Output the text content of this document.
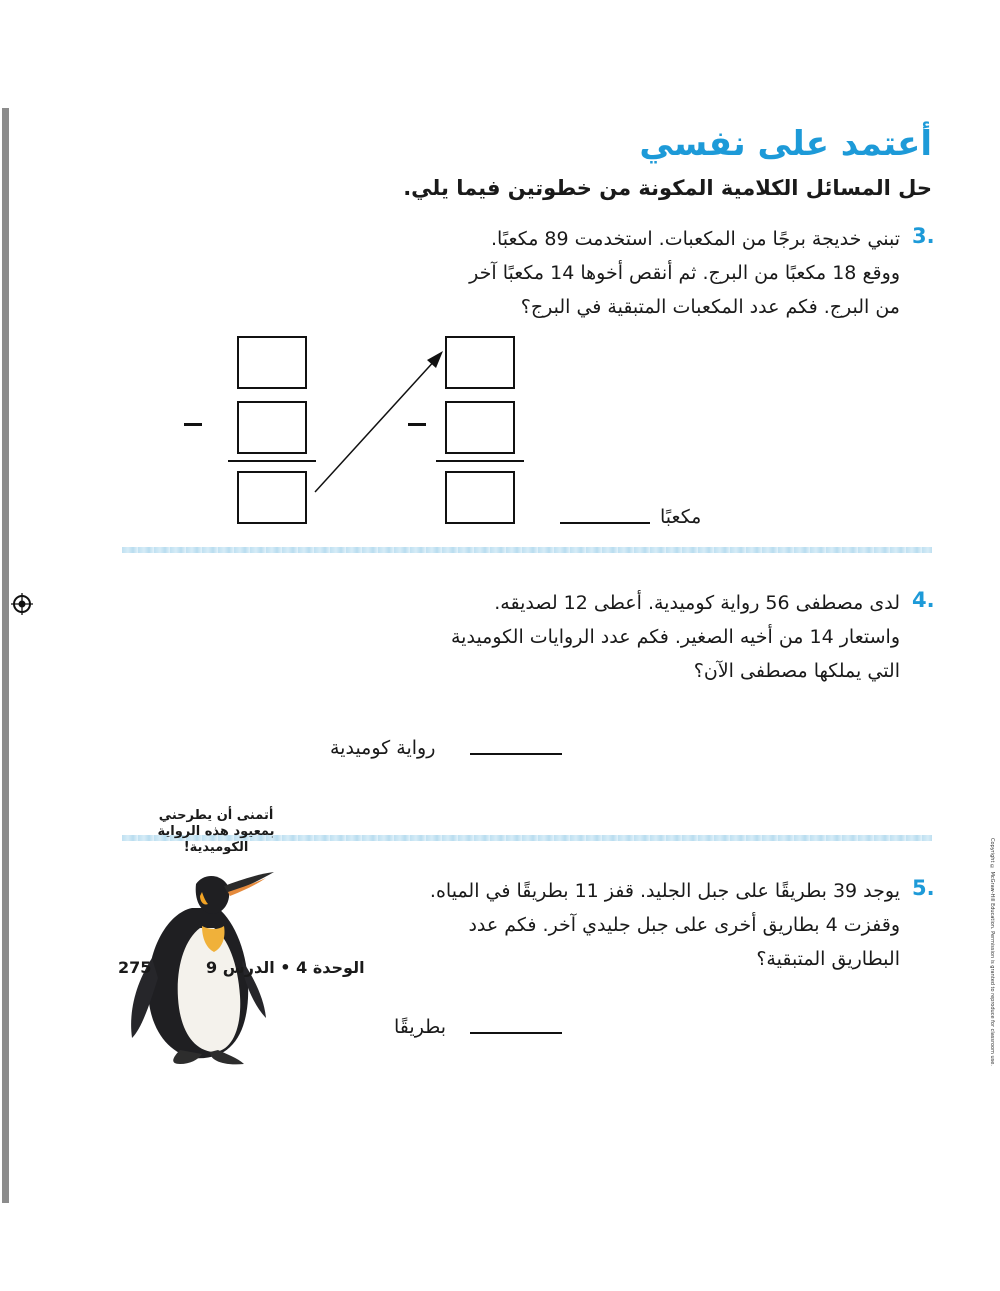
أعتمد على نفسي
حل المسائل الكلامية المكونة من خطوتين فيما يلي.
3.
تبني خديجة برجًا من المكعبات. استخدمت 89 مكعبًا.
ووقع 18 مكعبًا من البرج. ثم أنقص أخوها 14 مكعبًا آخر
من البرج. فكم عدد المكعبات المتبقية في البرج؟
مكعبًا
4.
لدى مصطفى 56 رواية كوميدية. أعطى 12 لصديقه.
واستعار 14 من أخيه الصغير. فكم عدد الروايات الكوميدية
التي يملكها مصطفى الآن؟
رواية كوميدية
أتمنى أن يطرحني
بمعيود هذه الرواية
الكوميدية!
5.
يوجد 39 بطريقًا على جبل الجليد. قفز 11 بطريقًا في المياه.
وقفزت 4 بطاريق أخرى على جبل جليدي آخر. فكم عدد
البطاريق المتبقية؟
بطريقًا
275	الوحدة 4 • الدرس 9	Copyright © McGraw-Hill Education. Permission is granted to reproduce for classroom use.
